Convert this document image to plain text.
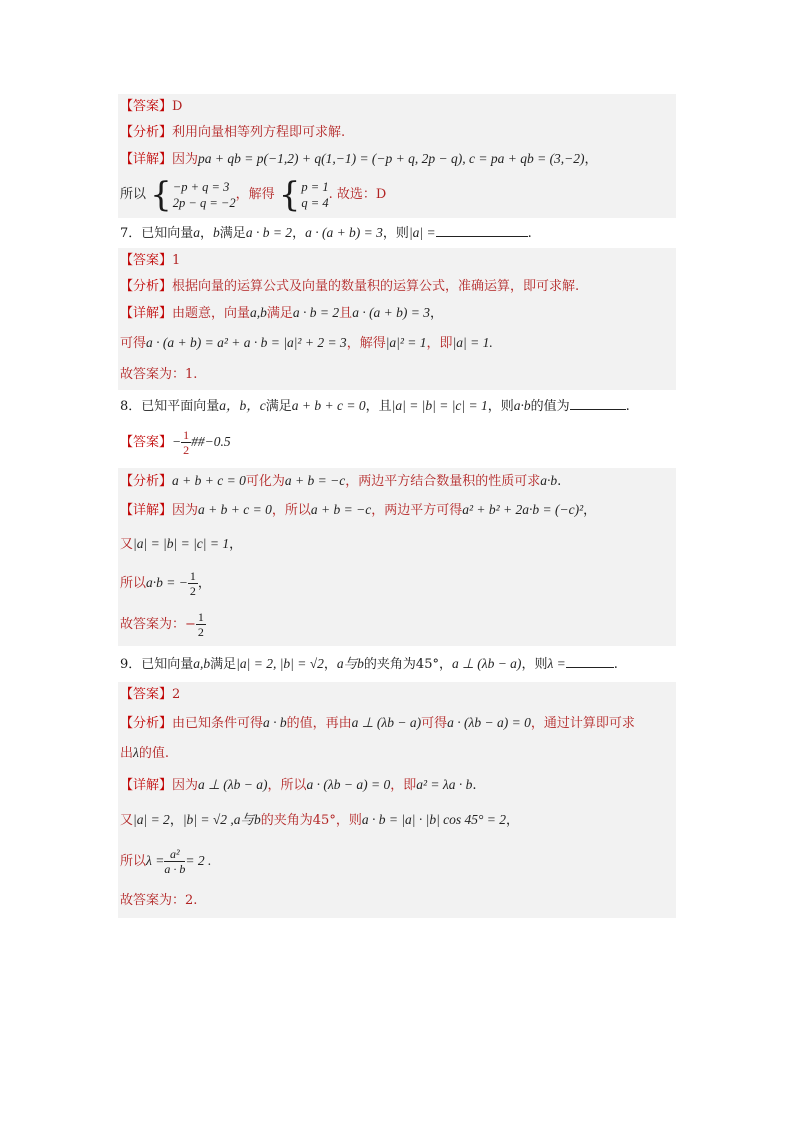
【答案】D
【分析】利用向量相等列方程即可求解.
【详解】因为pa + qb = p(−1,2) + q(1,−1) = (−p + q, 2p − q), c = pa + qb = (3,−2)，
所以 { −p + q = 3
2p − q = −2
，解得 { p = 1
q = 4
. 故选：D
7．已知向量a，b满足a · b = 2，a · (a + b) = 3，则|a| =	.
【答案】1
【分析】根据向量的运算公式及向量的数量积的运算公式，准确运算，即可求解.
【详解】由题意，向量a,b满足a · b = 2且a · (a + b) = 3，
可得a · (a + b) = a² + a · b = |a|² + 2 = 3，解得|a|² = 1，即|a| = 1.
故答案为：1.
8．已知平面向量a，b，c满足a + b + c = 0，且|a| = |b| = |c| = 1，则a·b的值为	.
【答案】− $\frac{1}{2}$ ##−0.5
【分析】a + b + c = 0可化为a + b = −c，两边平方结合数量积的性质可求a·b.
【详解】因为a + b + c = 0，所以a + b = −c，两边平方可得a² + b² + 2a·b = (−c)²，
又|a| = |b| = |c| = 1，
所以a·b = − $\frac{1}{2}$ ，
故答案为：− $\frac{1}{2}$
9．已知向量a,b满足|a| = 2, |b| = √2，a与b的夹角为45°，a ⊥ (λb − a)，则λ =	.
【答案】2
【分析】由已知条件可得a · b的值，再由a ⊥ (λb − a)可得a · (λb − a) = 0，通过计算即可求
出λ的值.
【详解】因为a ⊥ (λb − a)，所以a · (λb − a) = 0，即a² = λa · b.
又|a| = 2，|b| = √2 ,a与b的夹角为45°，则a · b = |a| · |b| cos 45° = 2，
所以$\lambda = \frac{\text{a²}}{a \cdot b} = 2$ .
故答案为：2.
